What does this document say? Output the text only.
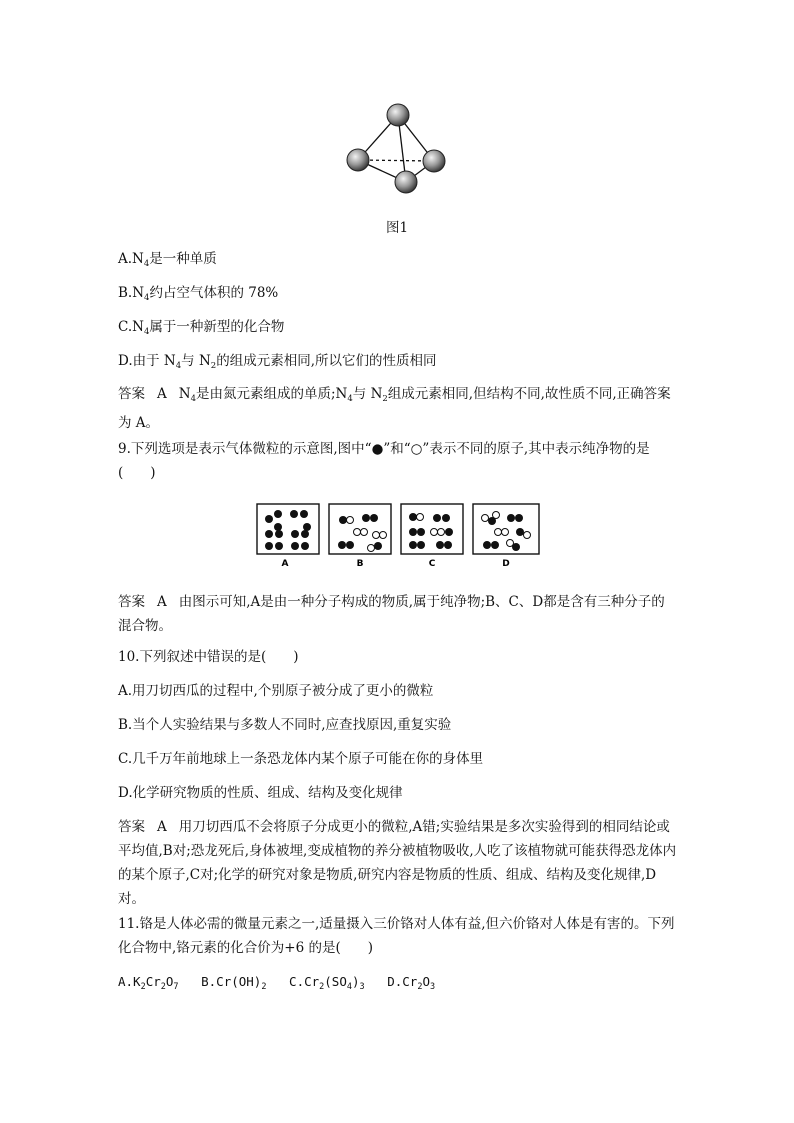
图1
$A.N_4$是一种单质
$B.N_4$约占空气体积的 78%
$C.N_4$属于一种新型的化合物
D.由于 $N_4$与 $N_2$的组成元素相同,所以它们的性质相同
答案 A $N_4$是由氮元素组成的单质$;N_4$与 $N_2$组成元素相同,但结构不同,故性质不同,正确答案为 A。
9.下列选项是表示气体微粒的示意图,图中“●”和“○”表示不同的原子,其中表示纯净物的是(　　)
A	B	C	D
答案 A 由图示可知,A是由一种分子构成的物质,属于纯净物;B、C、D都是含有三种分子的混合物。
10.下列叙述中错误的是(　　)
A.用刀切西瓜的过程中,个别原子被分成了更小的微粒
B.当个人实验结果与多数人不同时,应查找原因,重复实验
C.几千万年前地球上一条恐龙体内某个原子可能在你的身体里
D.化学研究物质的性质、组成、结构及变化规律
答案 A 用刀切西瓜不会将原子分成更小的微粒,A错;实验结果是多次实验得到的相同结论或平均值,B对;恐龙死后,身体被埋,变成植物的养分被植物吸收,人吃了该植物就可能获得恐龙体内的某个原子,C对;化学的研究对象是物质,研究内容是物质的性质、组成、结构及变化规律,D对。
11.铬是人体必需的微量元素之一,适量摄入三价铬对人体有益,但六价铬对人体是有害的。下列化合物中,铬元素的化合价为+6 的是(　　)
$A.K_2Cr_2O_7$ $B.Cr(OH)_2$ $C.Cr_2(SO_4)_3$ $D.Cr_2O_3$
